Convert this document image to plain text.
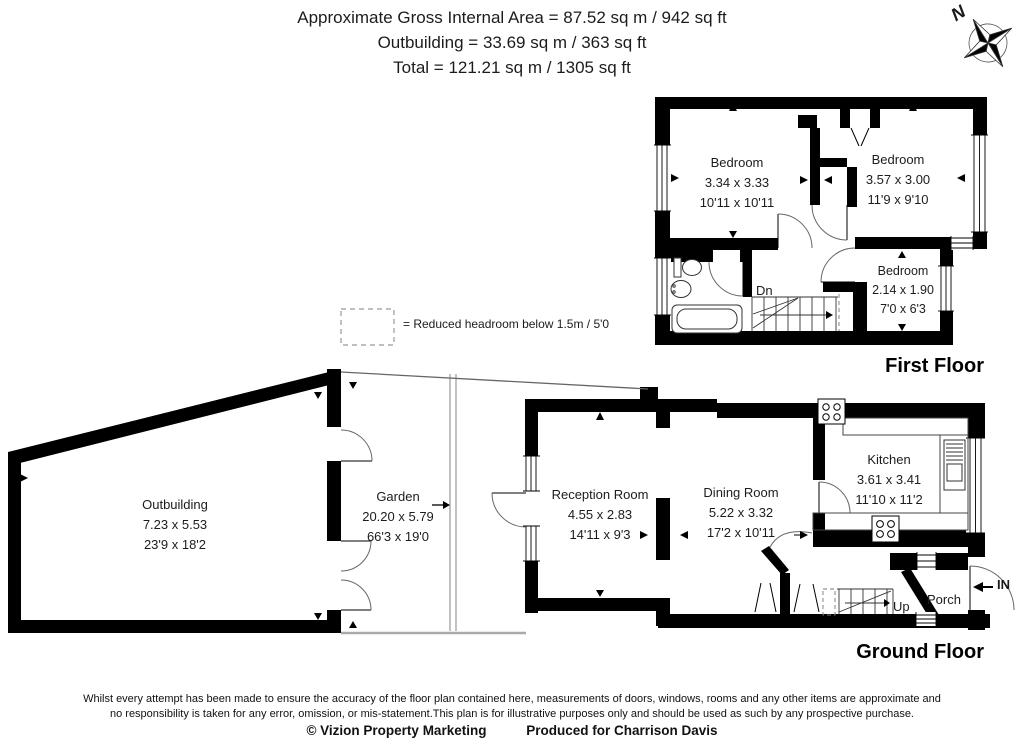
Approximate Gross Internal Area = 87.52 sq m / 942 sq ft
Outbuilding = 33.69 sq m / 363 sq ft
Total = 121.21 sq m / 1305 sq ft
N
= Reduced headroom below 1.5m / 5'0
Bedroom
3.34 x 3.33
10'11 x 10'11
Bedroom
3.57 x 3.00
11'9 x 9'10
Bedroom
2.14 x 1.90
7'0 x 6'3
Dn
Outbuilding
7.23 x 5.53
23'9 x 18'2
Garden
20.20 x 5.79
66'3 x 19'0
Reception Room
4.55 x 2.83
14'11 x 9'3
Dining Room
5.22 x 3.32
17'2 x 10'11
Kitchen
3.61 x 3.41
11'10 x 11'2
Porch
Up
IN
First Floor
Ground Floor
Whilst every attempt has been made to ensure the accuracy of the floor plan contained here, measurements of doors, windows, rooms and any other items are approximate and
no responsibility is taken for any error, omission, or mis-statement.This plan is for illustrative purposes only and should be used as such by any prospective purchase.
© Vizion Property Marketing	Produced for Charrison Davis
